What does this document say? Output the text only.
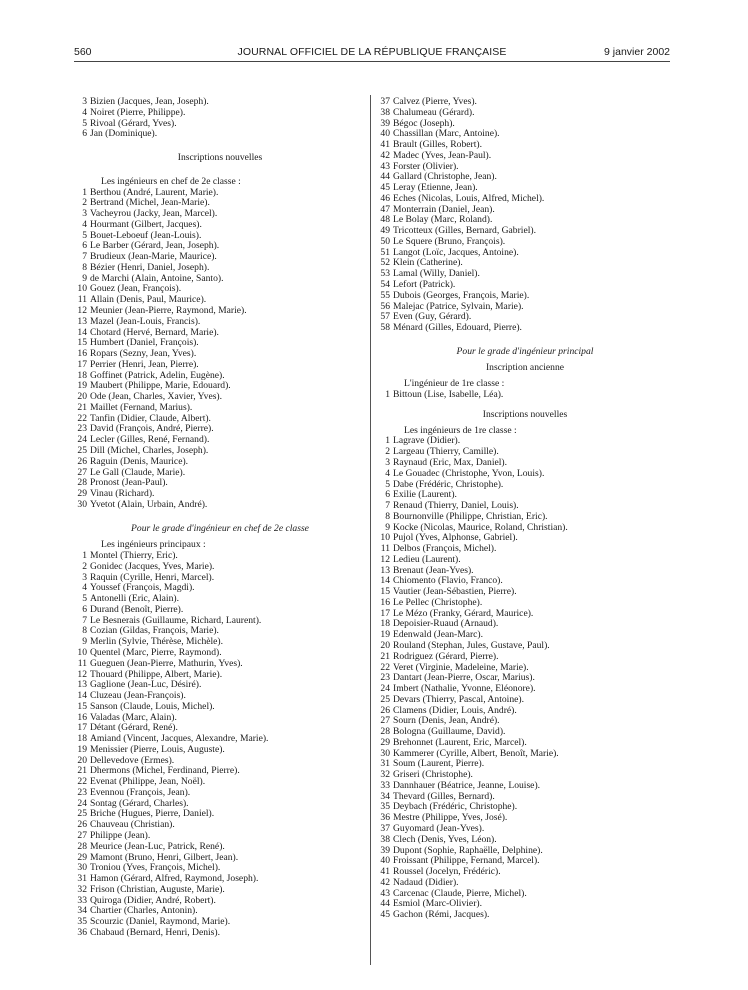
560	JOURNAL OFFICIEL DE LA RÉPUBLIQUE FRANÇAISE	9 janvier 2002
3 Bizien (Jacques, Jean, Joseph).
4 Noiret (Pierre, Philippe).
5 Rivoal (Gérard, Yves).
6 Jan (Dominique).
Inscriptions nouvelles
Les ingénieurs en chef de 2e classe :
1 Berthou (André, Laurent, Marie).
2 Bertrand (Michel, Jean-Marie).
3 Vacheyrou (Jacky, Jean, Marcel).
4 Hourmant (Gilbert, Jacques).
5 Bouet-Leboeuf (Jean-Louis).
6 Le Barber (Gérard, Jean, Joseph).
7 Brudieux (Jean-Marie, Maurice).
8 Bézier (Henri, Daniel, Joseph).
9 de Marchi (Alain, Antoine, Santo).
10 Gouez (Jean, François).
11 Allain (Denis, Paul, Maurice).
12 Meunier (Jean-Pierre, Raymond, Marie).
13 Mazel (Jean-Louis, Francis).
14 Chotard (Hervé, Bernard, Marie).
15 Humbert (Daniel, François).
16 Ropars (Sezny, Jean, Yves).
17 Perrier (Henri, Jean, Pierre).
18 Goffinet (Patrick, Adelin, Eugène).
19 Maubert (Philippe, Marie, Edouard).
20 Ode (Jean, Charles, Xavier, Yves).
21 Maillet (Fernand, Marius).
22 Tanfin (Didier, Claude, Albert).
23 David (François, André, Pierre).
24 Lecler (Gilles, René, Fernand).
25 Dill (Michel, Charles, Joseph).
26 Raguin (Denis, Maurice).
27 Le Gall (Claude, Marie).
28 Pronost (Jean-Paul).
29 Vinau (Richard).
30 Yvetot (Alain, Urbain, André).
Pour le grade d'ingénieur en chef de 2e classe
Les ingénieurs principaux :
1 Montel (Thierry, Eric).
2 Gonidec (Jacques, Yves, Marie).
3 Raquin (Cyrille, Henri, Marcel).
4 Youssef (François, Magdi).
5 Antonelli (Eric, Alain).
6 Durand (Benoît, Pierre).
7 Le Besnerais (Guillaume, Richard, Laurent).
8 Cozian (Gildas, François, Marie).
9 Merlin (Sylvie, Thérèse, Michèle).
10 Quentel (Marc, Pierre, Raymond).
11 Gueguen (Jean-Pierre, Mathurin, Yves).
12 Thouard (Philippe, Albert, Marie).
13 Gaglione (Jean-Luc, Désiré).
14 Cluzeau (Jean-François).
15 Sanson (Claude, Louis, Michel).
16 Valadas (Marc, Alain).
17 Détant (Gérard, René).
18 Amiand (Vincent, Jacques, Alexandre, Marie).
19 Menissier (Pierre, Louis, Auguste).
20 Dellevedove (Ermes).
21 Dhermons (Michel, Ferdinand, Pierre).
22 Evenat (Philippe, Jean, Noël).
23 Evennou (François, Jean).
24 Sontag (Gérard, Charles).
25 Briche (Hugues, Pierre, Daniel).
26 Chauveau (Christian).
27 Philippe (Jean).
28 Meurice (Jean-Luc, Patrick, René).
29 Mamont (Bruno, Henri, Gilbert, Jean).
30 Troniou (Yves, François, Michel).
31 Hamon (Gérard, Alfred, Raymond, Joseph).
32 Frison (Christian, Auguste, Marie).
33 Quiroga (Didier, André, Robert).
34 Chartier (Charles, Antonin).
35 Scourzic (Daniel, Raymond, Marie).
36 Chabaud (Bernard, Henri, Denis).
37 Calvez (Pierre, Yves).
38 Chalumeau (Gérard).
39 Bégoc (Joseph).
40 Chassillan (Marc, Antoine).
41 Brault (Gilles, Robert).
42 Madec (Yves, Jean-Paul).
43 Forster (Olivier).
44 Gallard (Christophe, Jean).
45 Leray (Etienne, Jean).
46 Eches (Nicolas, Louis, Alfred, Michel).
47 Monterrain (Daniel, Jean).
48 Le Bolay (Marc, Roland).
49 Tricotteux (Gilles, Bernard, Gabriel).
50 Le Squere (Bruno, François).
51 Langot (Loïc, Jacques, Antoine).
52 Klein (Catherine).
53 Lamal (Willy, Daniel).
54 Lefort (Patrick).
55 Dubois (Georges, François, Marie).
56 Malejac (Patrice, Sylvain, Marie).
57 Even (Guy, Gérard).
58 Ménard (Gilles, Edouard, Pierre).
Pour le grade d'ingénieur principal
Inscription ancienne
L'ingénieur de 1re classe :
1 Bittoun (Lise, Isabelle, Léa).
Inscriptions nouvelles
Les ingénieurs de 1re classe :
1 Lagrave (Didier).
2 Largeau (Thierry, Camille).
3 Raynaud (Eric, Max, Daniel).
4 Le Gouadec (Christophe, Yvon, Louis).
5 Dabe (Frédéric, Christophe).
6 Exilie (Laurent).
7 Renaud (Thierry, Daniel, Louis).
8 Bournonville (Philippe, Christian, Eric).
9 Kocke (Nicolas, Maurice, Roland, Christian).
10 Pujol (Yves, Alphonse, Gabriel).
11 Delbos (François, Michel).
12 Ledieu (Laurent).
13 Brenaut (Jean-Yves).
14 Chiomento (Flavio, Franco).
15 Vautier (Jean-Sébastien, Pierre).
16 Le Pellec (Christophe).
17 Le Mézo (Franky, Gérard, Maurice).
18 Depoisier-Ruaud (Arnaud).
19 Edenwald (Jean-Marc).
20 Rouland (Stephan, Jules, Gustave, Paul).
21 Rodriguez (Gérard, Pierre).
22 Veret (Virginie, Madeleine, Marie).
23 Dantart (Jean-Pierre, Oscar, Marius).
24 Imbert (Nathalie, Yvonne, Eléonore).
25 Devars (Thierry, Pascal, Antoine).
26 Clamens (Didier, Louis, André).
27 Sourn (Denis, Jean, André).
28 Bologna (Guillaume, David).
29 Brehonnet (Laurent, Eric, Marcel).
30 Kammerer (Cyrille, Albert, Benoît, Marie).
31 Soum (Laurent, Pierre).
32 Griseri (Christophe).
33 Dannhauer (Béatrice, Jeanne, Louise).
34 Thevard (Gilles, Bernard).
35 Deybach (Frédéric, Christophe).
36 Mestre (Philippe, Yves, José).
37 Guyomard (Jean-Yves).
38 Clech (Denis, Yves, Léon).
39 Dupont (Sophie, Raphaëlle, Delphine).
40 Froissant (Philippe, Fernand, Marcel).
41 Roussel (Jocelyn, Frédéric).
42 Nadaud (Didier).
43 Carcenac (Claude, Pierre, Michel).
44 Esmiol (Marc-Olivier).
45 Gachon (Rémi, Jacques).
